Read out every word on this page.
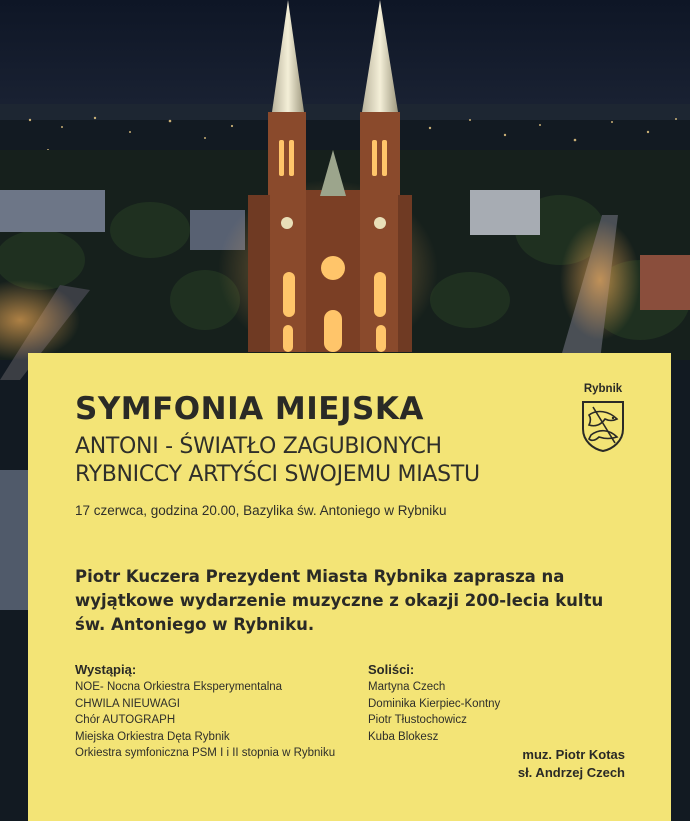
SYMFONIA MIEJSKA
ANTONI - ŚWIATŁO ZAGUBIONYCH
RYBNICCY ARTYŚCI SWOJEMU MIASTU
17 czerwca, godzina 20.00, Bazylika św. Antoniego w Rybniku

Piotr Kuczera Prezydent Miasta Rybnika zaprasza na wyjątkowe wydarzenie muzyczne z okazji 200-lecia kultu św. Antoniego w Rybniku.

Wystąpią:
NOE- Nocna Orkiestra Eksperymentalna
CHWILA NIEUWAGI
Chór AUTOGRAPH
Miejska Orkiestra Dęta Rybnik
Orkiestra symfoniczna PSM I i II stopnia w Rybniku
Soliści:
Martyna Czech
Dominika Kierpiec-Kontny
Piotr Tłustochowicz
Kuba Blokesz
muz. Piotr Kotas
sł. Andrzej Czech
Rybnik
